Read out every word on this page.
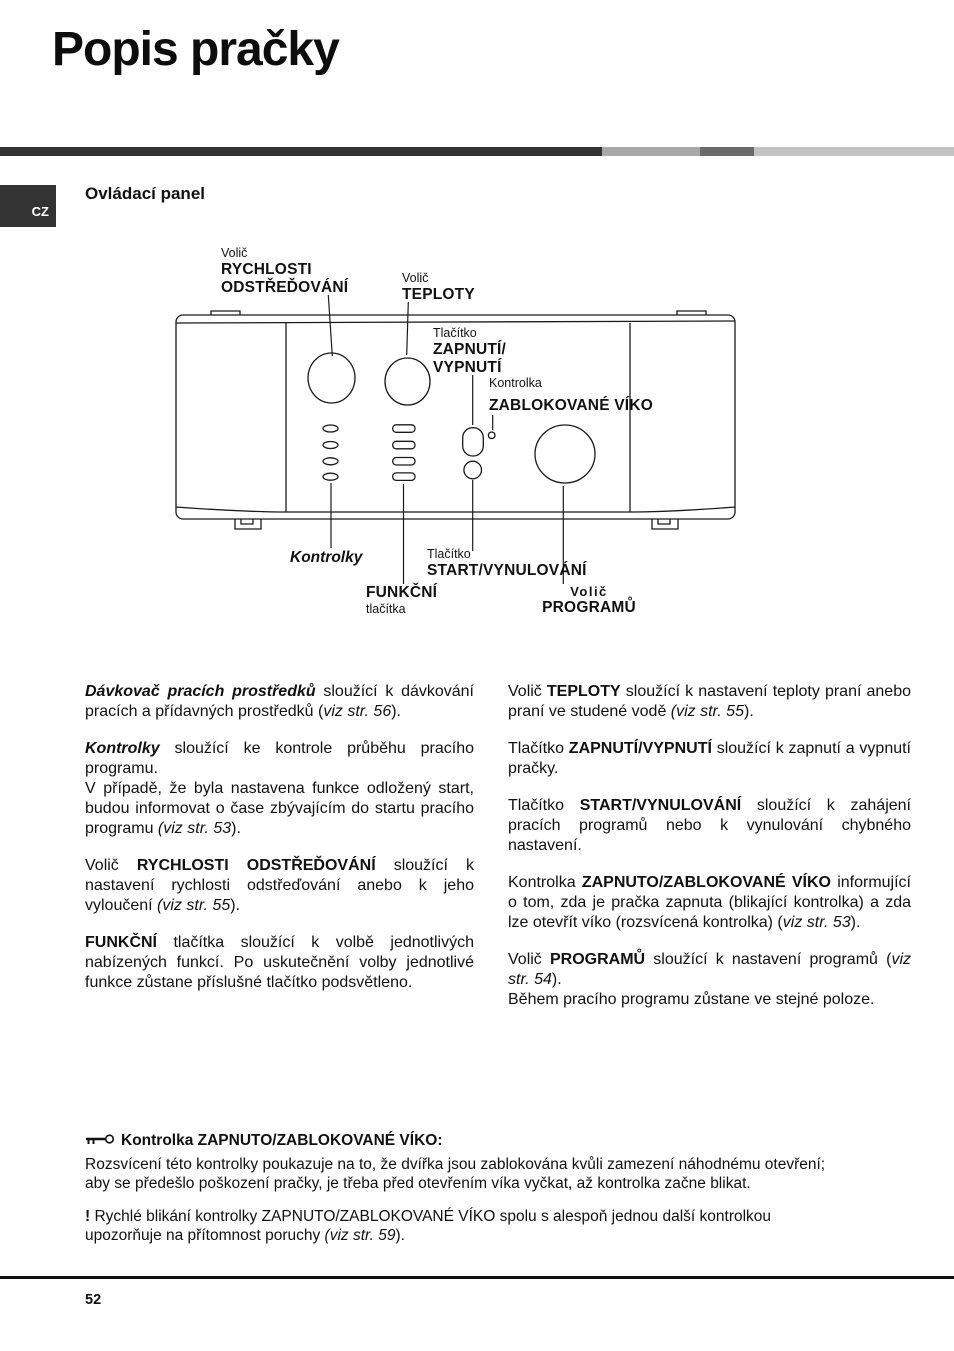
Popis pračky
CZ
Ovládací panel
Volič
RYCHLOSTI
ODSTŘEĎOVÁNÍ
Volič
TEPLOTY
Tlačítko
ZAPNUTÍ/
VYPNUTÍ
Kontrolka
ZABLOKOVANÉ VÍKO
Kontrolky	Tlačítko
START/VYNULOVÁNÍ
FUNKČNÍ
tlačítka
Volič
PROGRAMŮ

Dávkovač pracích prostředků sloužící k dávkování pracích a přídavných prostředků (viz str. 56).

Kontrolky sloužící ke kontrole průběhu pracího programu.
V případě, že byla nastavena funkce odložený start, budou informovat o čase zbývajícím do startu pracího programu (viz str. 53).

Volič RYCHLOSTI ODSTŘEĎOVÁNÍ sloužící k nastavení rychlosti odstřeďování anebo k jeho vyloučení (viz str. 55).

FUNKČNÍ tlačítka sloužící k volbě jednotlivých nabízených funkcí. Po uskutečnění volby jednotlivé funkce zůstane příslušné tlačítko podsvětleno.

Volič TEPLOTY sloužící k nastavení teploty praní anebo praní ve studené vodě (viz str. 55).

Tlačítko ZAPNUTÍ/VYPNUTÍ sloužící k zapnutí a vypnutí pračky.

Tlačítko START/VYNULOVÁNÍ sloužící k zahájení pracích programů nebo k vynulování chybného nastavení.

Kontrolka ZAPNUTO/ZABLOKOVANÉ VÍKO informující o tom, zda je pračka zapnuta (blikající kontrolka) a zda lze otevřít víko (rozsvícená kontrolka) (viz str. 53).

Volič PROGRAMŮ sloužící k nastavení programů (viz str. 54).
Během pracího programu zůstane ve stejné poloze.

Kontrolka ZAPNUTO/ZABLOKOVANÉ VÍKO:

Rozsvícení této kontrolky poukazuje na to, že dvířka jsou zablokována kvůli zamezení náhodnému otevření;
aby se předešlo poškození pračky, je třeba před otevřením víka vyčkat, až kontrolka začne blikat.

! Rychlé blikání kontrolky ZAPNUTO/ZABLOKOVANÉ VÍKO spolu s alespoň jednou další kontrolkou
upozorňuje na přítomnost poruchy (viz str. 59).

52
